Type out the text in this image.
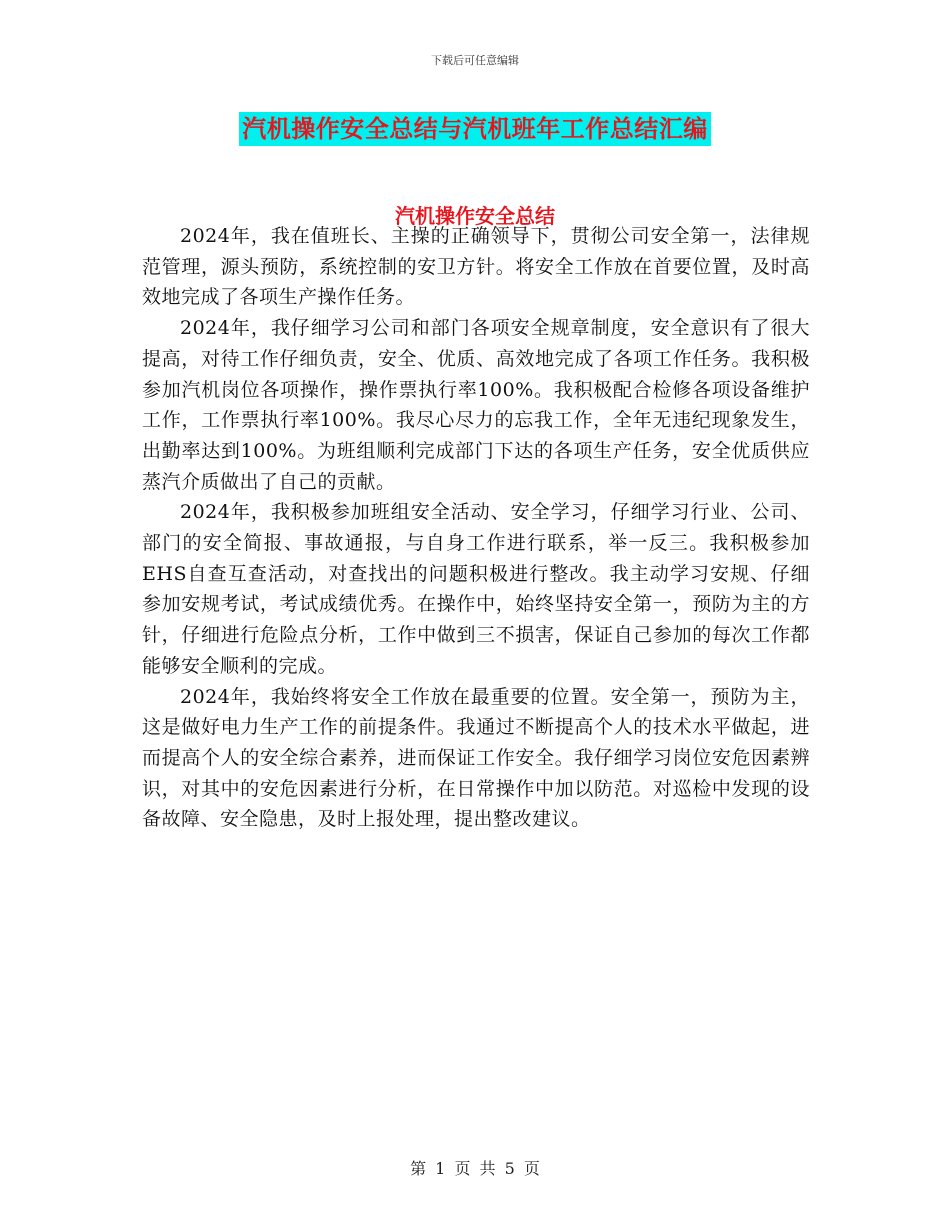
下载后可任意编辑
汽机操作安全总结与汽机班年工作总结汇编
汽机操作安全总结

2024年，我在值班长、主操的正确领导下，贯彻公司安全第一，法律规范管理，源头预防，系统控制的安卫方针。将安全工作放在首要位置，及时高效地完成了各项生产操作任务。

2024年，我仔细学习公司和部门各项安全规章制度，安全意识有了很大提高，对待工作仔细负责，安全、优质、高效地完成了各项工作任务。我积极参加汽机岗位各项操作，操作票执行率100%。我积极配合检修各项设备维护工作，工作票执行率100%。我尽心尽力的忘我工作，全年无违纪现象发生，出勤率达到100%。为班组顺利完成部门下达的各项生产任务，安全优质供应蒸汽介质做出了自己的贡献。

2024年，我积极参加班组安全活动、安全学习，仔细学习行业、公司、部门的安全简报、事故通报，与自身工作进行联系，举一反三。我积极参加EHS自查互查活动，对查找出的问题积极进行整改。我主动学习安规、仔细参加安规考试，考试成绩优秀。在操作中，始终坚持安全第一，预防为主的方针，仔细进行危险点分析，工作中做到三不损害，保证自己参加的每次工作都能够安全顺利的完成。

2024年，我始终将安全工作放在最重要的位置。安全第一，预防为主，这是做好电力生产工作的前提条件。我通过不断提高个人的技术水平做起，进而提高个人的安全综合素养，进而保证工作安全。我仔细学习岗位安危因素辨识，对其中的安危因素进行分析，在日常操作中加以防范。对巡检中发现的设备故障、安全隐患，及时上报处理，提出整改建议。

第 1 页 共 5 页
